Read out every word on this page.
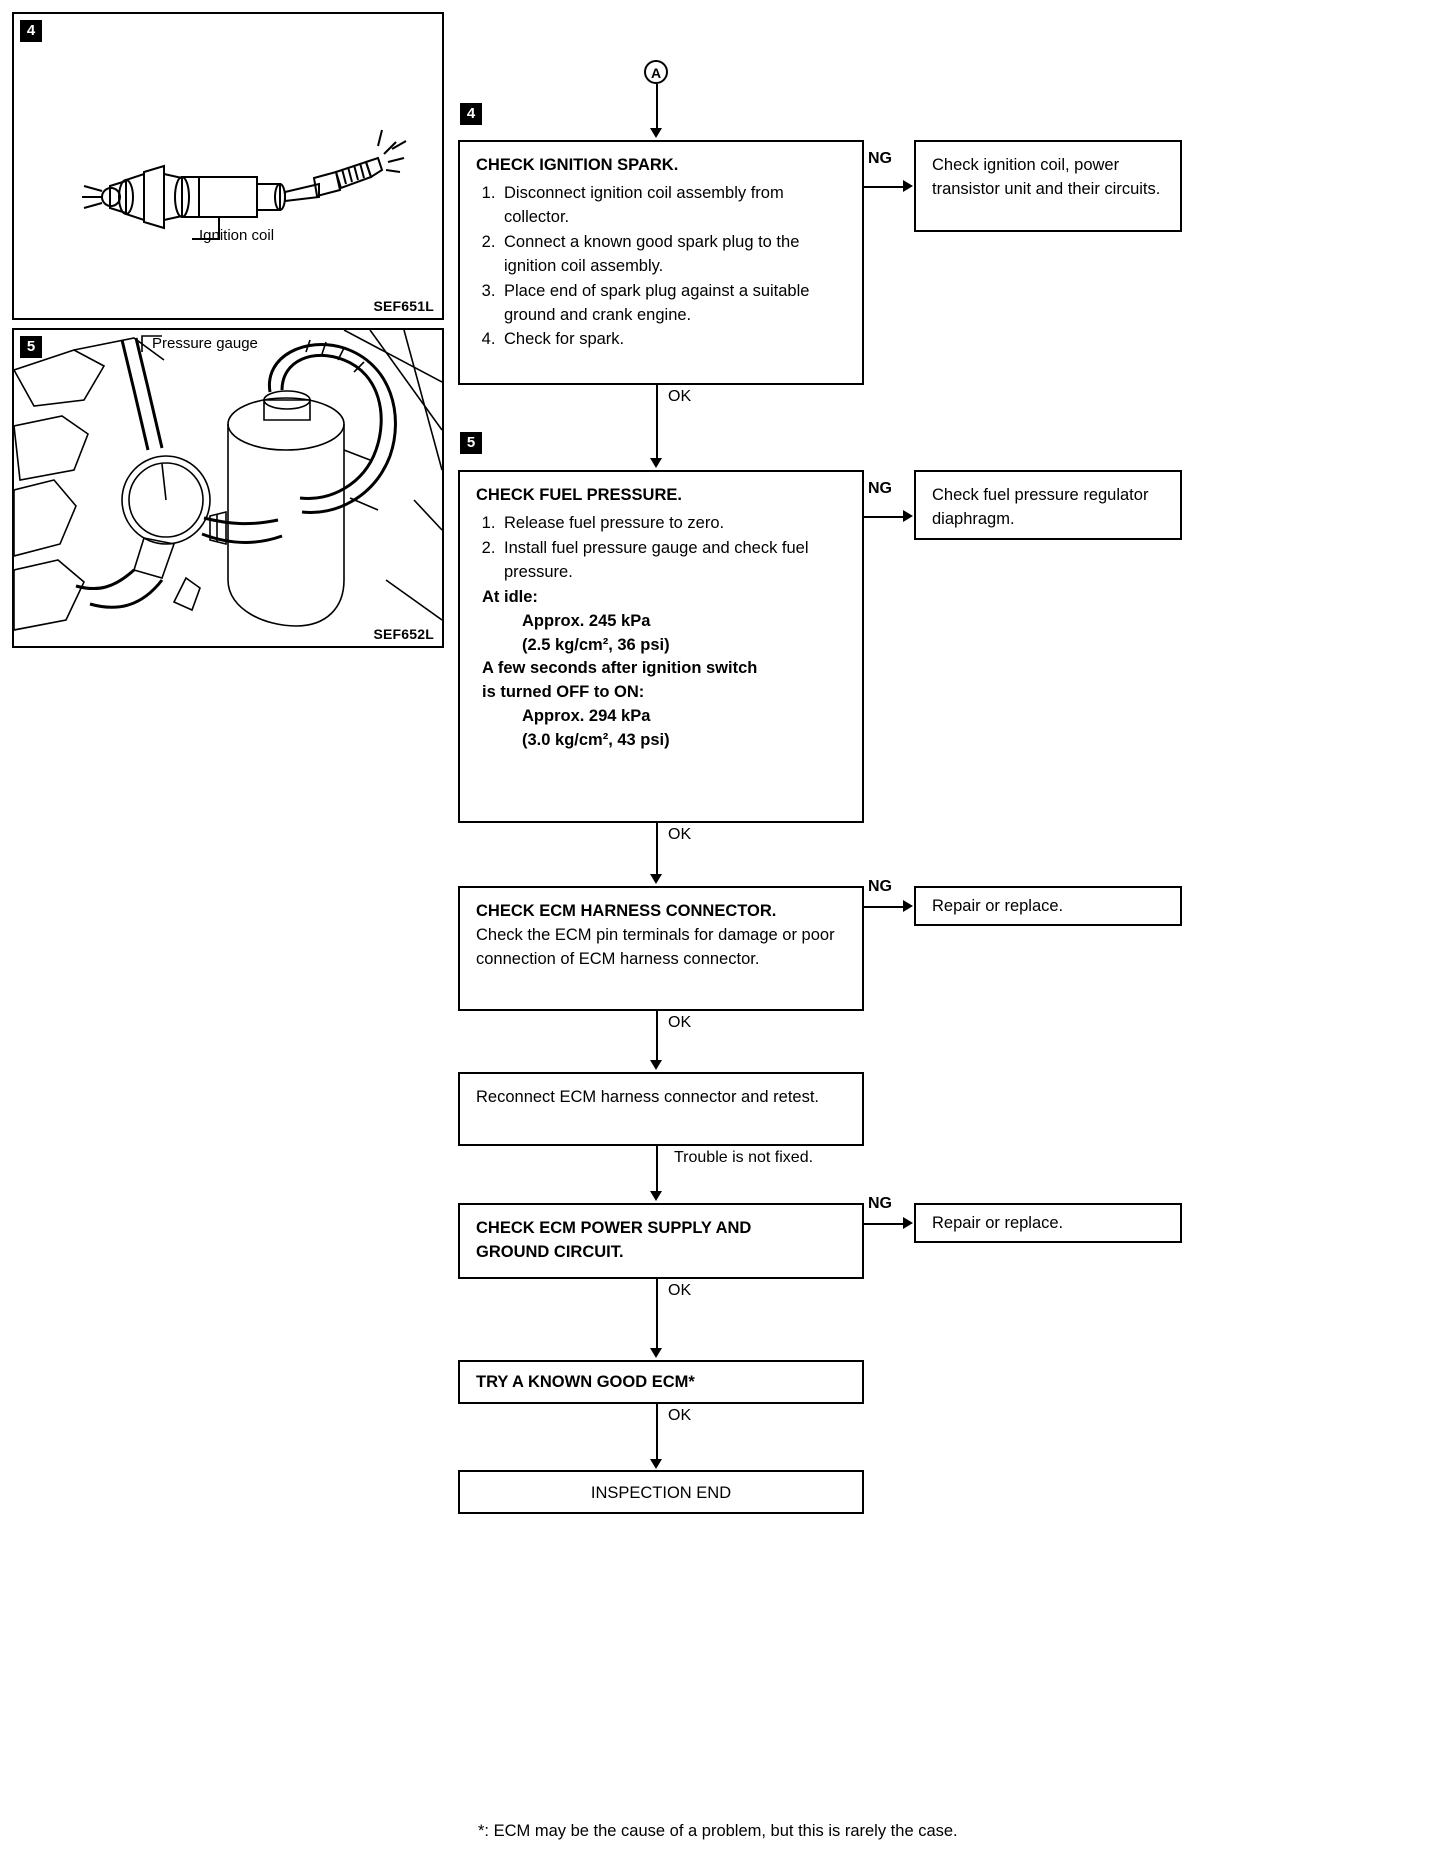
4
Ignition coil
SEF651L
5	Pressure gauge
SEF652L
A
4
CHECK IGNITION SPARK.
1. Disconnect ignition coil assembly from collector.
2. Connect a known good spark plug to the ignition coil assembly.
3. Place end of spark plug against a suitable ground and crank engine.
4. Check for spark.
NG	Check ignition coil, power transistor unit and their circuits.
OK
5
CHECK FUEL PRESSURE.
1. Release fuel pressure to zero.
2. Install fuel pressure gauge and check fuel pressure.
At idle:
Approx. 245 kPa
(2.5 kg/cm², 36 psi)
A few seconds after ignition switch
is turned OFF to ON:
Approx. 294 kPa
(3.0 kg/cm², 43 psi)
NG	Check fuel pressure regulator diaphragm.
OK
CHECK ECM HARNESS CONNECTOR.
Check the ECM pin terminals for damage or poor connection of ECM harness connector.
NG
Repair or replace.
OK
Reconnect ECM harness connector and retest.
Trouble is not fixed.
CHECK ECM POWER SUPPLY AND
GROUND CIRCUIT.
NG
Repair or replace.
OK
TRY A KNOWN GOOD ECM*
OK
INSPECTION END
*: ECM may be the cause of a problem, but this is rarely the case.
